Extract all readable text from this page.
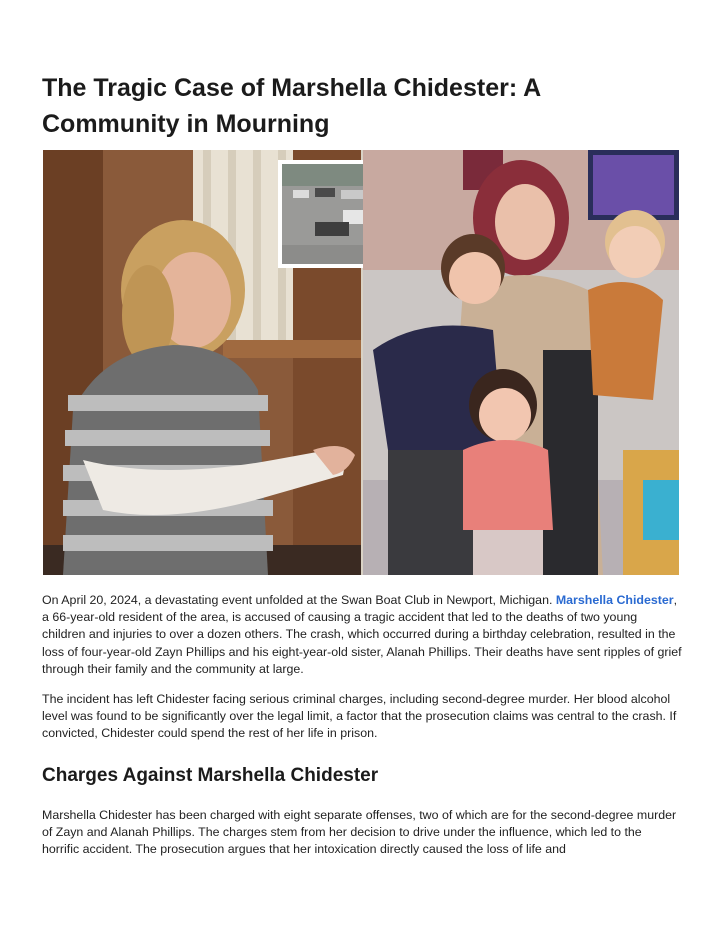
The Tragic Case of Marshella Chidester: A Community in Mourning

On April 20, 2024, a devastating event unfolded at the Swan Boat Club in Newport, Michigan. Marshella Chidester, a 66-year-old resident of the area, is accused of causing a tragic accident that led to the deaths of two young children and injuries to over a dozen others. The crash, which occurred during a birthday celebration, resulted in the loss of four-year-old Zayn Phillips and his eight-year-old sister, Alanah Phillips. Their deaths have sent ripples of grief through their family and the community at large.

The incident has left Chidester facing serious criminal charges, including second-degree murder. Her blood alcohol level was found to be significantly over the legal limit, a factor that the prosecution claims was central to the crash. If convicted, Chidester could spend the rest of her life in prison.

Charges Against Marshella Chidester

Marshella Chidester has been charged with eight separate offenses, two of which are for the second-degree murder of Zayn and Alanah Phillips. The charges stem from her decision to drive under the influence, which led to the horrific accident. The prosecution argues that her intoxication directly caused the loss of life and
